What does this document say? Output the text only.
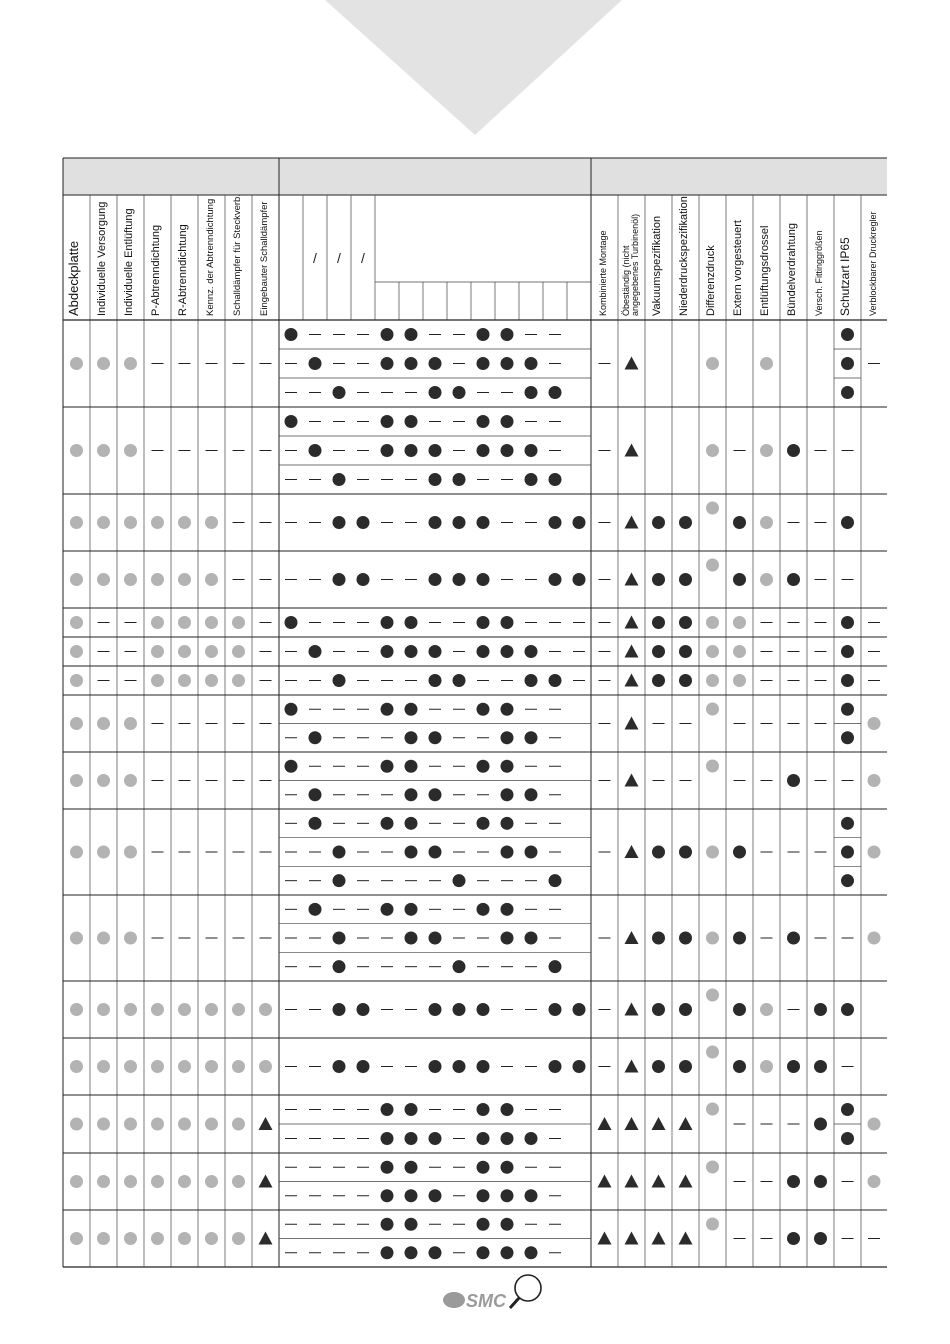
/ / /
Abdeckplatte Individuelle Versorgung Individuelle Entlüftung P-Abtrenndichtung R-Abtrenndichtung Kennz. der Abtrenndichtung Schalldämpfer für Steckverb. Eingebauter Schalldämpfer	Kombinierte Montage Öbeständig (nicht angegebenes Turbinenöl) Vakuumspezifikation Niederdruckspezifikation Differenzdruck Extern vorgesteuert Entlüftungsdrossel Bündelverdrahtung Versch. Fittinggrößen Schutzart IP65 Verblockbarer Druckregler
SMC
